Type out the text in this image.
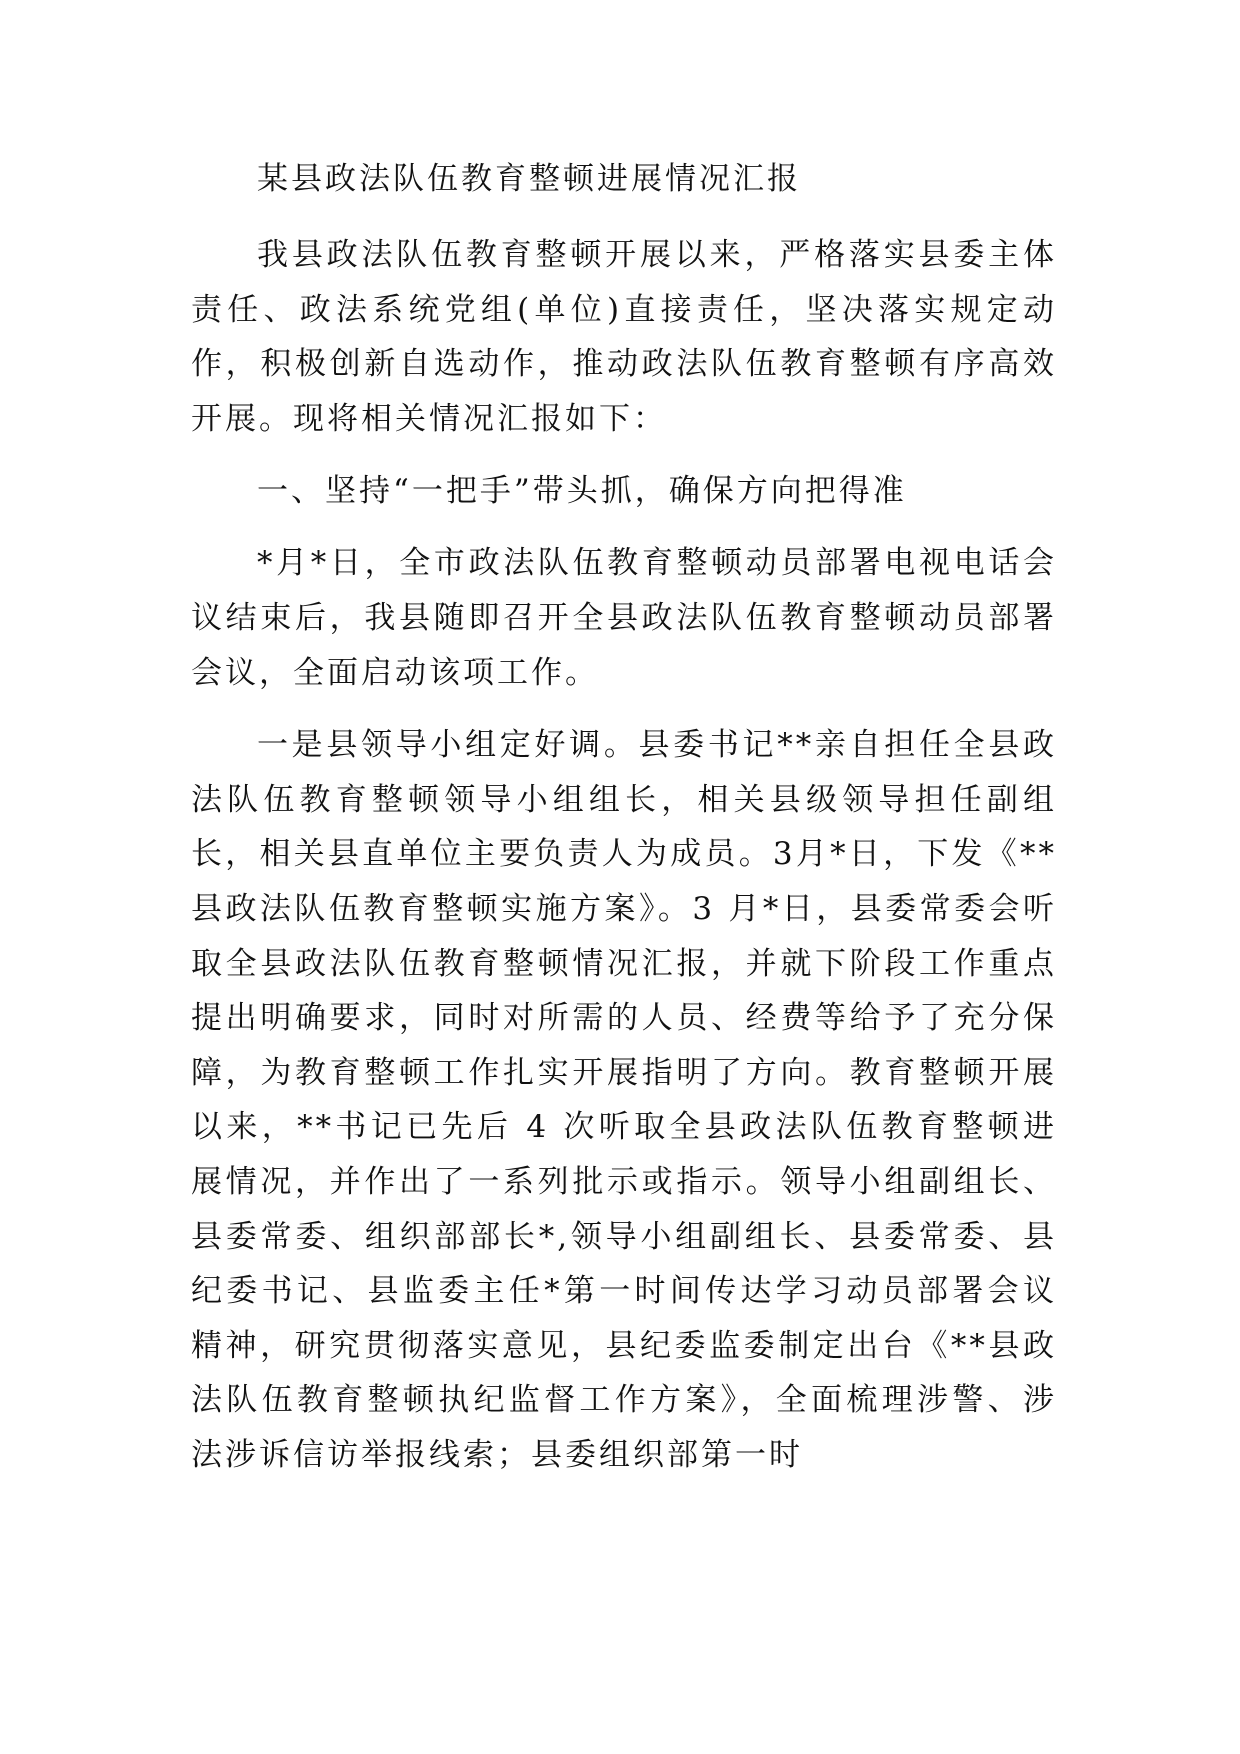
某县政法队伍教育整顿进展情况汇报

我县政法队伍教育整顿开展以来，严格落实县委主体责任、政法系统党组(单位)直接责任，坚决落实规定动作，积极创新自选动作，推动政法队伍教育整顿有序高效开展。现将相关情况汇报如下：

一、坚持“一把手”带头抓，确保方向把得准

*月*日，全市政法队伍教育整顿动员部署电视电话会议结束后，我县随即召开全县政法队伍教育整顿动员部署会议，全面启动该项工作。

一是县领导小组定好调。县委书记**亲自担任全县政法队伍教育整顿领导小组组长，相关县级领导担任副组长，相关县直单位主要负责人为成员。3月*日，下发《**县政法队伍教育整顿实施方案》。3 月*日，县委常委会听取全县政法队伍教育整顿情况汇报，并就下阶段工作重点提出明确要求，同时对所需的人员、经费等给予了充分保障，为教育整顿工作扎实开展指明了方向。教育整顿开展以来，**书记已先后 4 次听取全县政法队伍教育整顿进展情况，并作出了一系列批示或指示。领导小组副组长、县委常委、组织部部长*,领导小组副组长、县委常委、县纪委书记、县监委主任*第一时间传达学习动员部署会议精神，研究贯彻落实意见，县纪委监委制定出台《**县政法队伍教育整顿执纪监督工作方案》，全面梳理涉警、涉法涉诉信访举报线索；县委组织部第一时
